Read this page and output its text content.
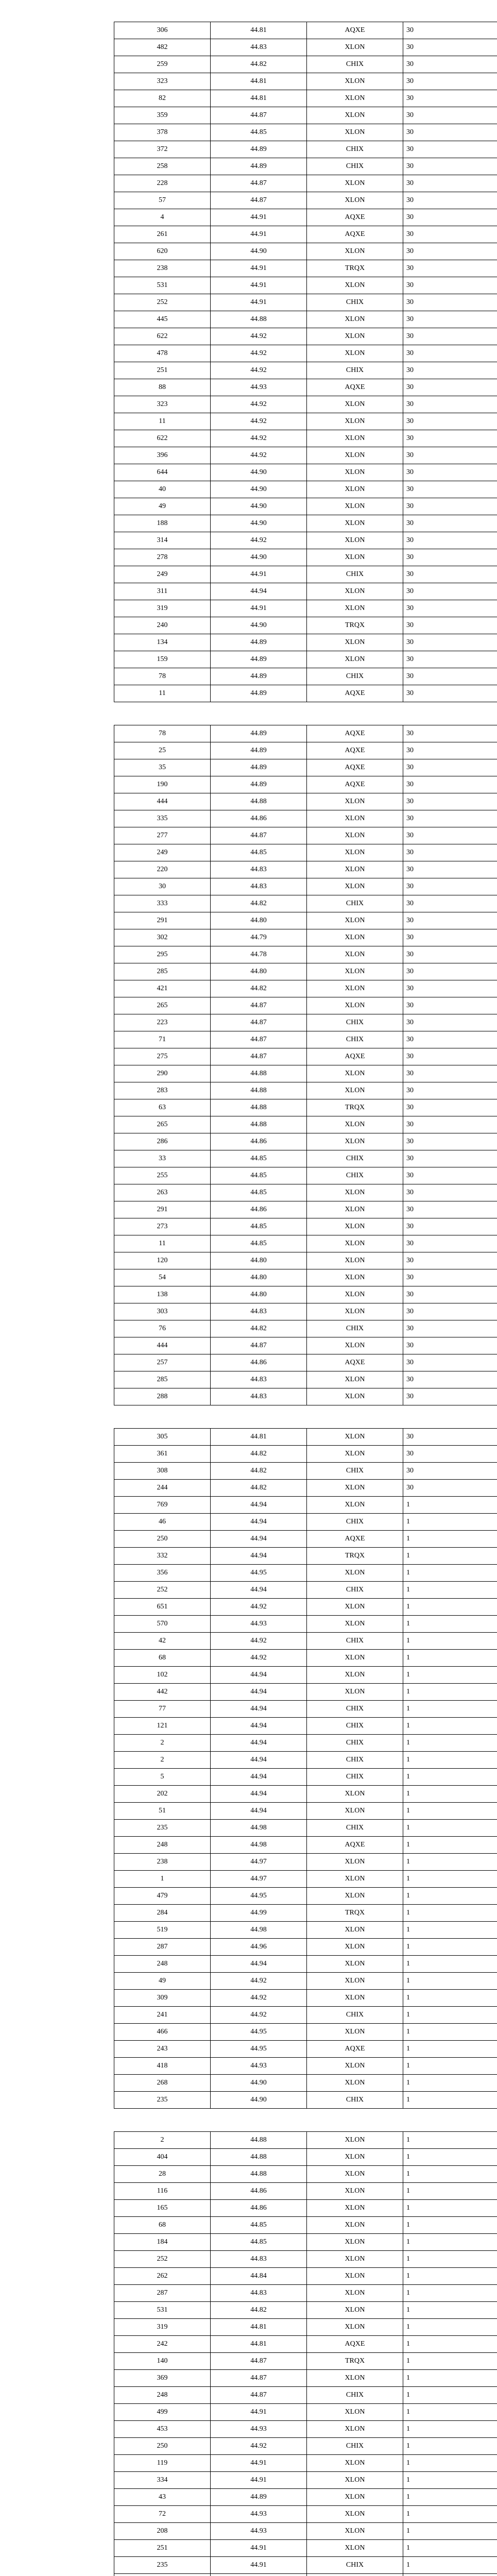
306	44.81	AQXE	30
482	44.83	XLON	30
259	44.82	CHIX	30
323	44.81	XLON	30
82	44.81	XLON	30
359	44.87	XLON	30
378	44.85	XLON	30
372	44.89	CHIX	30
258	44.89	CHIX	30
228	44.87	XLON	30
57	44.87	XLON	30
4	44.91	AQXE	30
261	44.91	AQXE	30
620	44.90	XLON	30
238	44.91	TRQX	30
531	44.91	XLON	30
252	44.91	CHIX	30
445	44.88	XLON	30
622	44.92	XLON	30
478	44.92	XLON	30
251	44.92	CHIX	30
88	44.93	AQXE	30
323	44.92	XLON	30
11	44.92	XLON	30
622	44.92	XLON	30
396	44.92	XLON	30
644	44.90	XLON	30
40	44.90	XLON	30
49	44.90	XLON	30
188	44.90	XLON	30
314	44.92	XLON	30
278	44.90	XLON	30
249	44.91	CHIX	30
311	44.94	XLON	30
319	44.91	XLON	30
240	44.90	TRQX	30
134	44.89	XLON	30
159	44.89	XLON	30
78	44.89	CHIX	30
11	44.89	AQXE	30
78	44.89	AQXE	30
25	44.89	AQXE	30
35	44.89	AQXE	30
190	44.89	AQXE	30
444	44.88	XLON	30
335	44.86	XLON	30
277	44.87	XLON	30
249	44.85	XLON	30
220	44.83	XLON	30
30	44.83	XLON	30
333	44.82	CHIX	30
291	44.80	XLON	30
302	44.79	XLON	30
295	44.78	XLON	30
285	44.80	XLON	30
421	44.82	XLON	30
265	44.87	XLON	30
223	44.87	CHIX	30
71	44.87	CHIX	30
275	44.87	AQXE	30
290	44.88	XLON	30
283	44.88	XLON	30
63	44.88	TRQX	30
265	44.88	XLON	30
286	44.86	XLON	30
33	44.85	CHIX	30
255	44.85	CHIX	30
263	44.85	XLON	30
291	44.86	XLON	30
273	44.85	XLON	30
11	44.85	XLON	30
120	44.80	XLON	30
54	44.80	XLON	30
138	44.80	XLON	30
303	44.83	XLON	30
76	44.82	CHIX	30
444	44.87	XLON	30
257	44.86	AQXE	30
285	44.83	XLON	30
288	44.83	XLON	30
305	44.81	XLON	30
361	44.82	XLON	30
308	44.82	CHIX	30
244	44.82	XLON	30
769	44.94	XLON	1
46	44.94	CHIX	1
250	44.94	AQXE	1
332	44.94	TRQX	1
356	44.95	XLON	1
252	44.94	CHIX	1
651	44.92	XLON	1
570	44.93	XLON	1
42	44.92	CHIX	1
68	44.92	XLON	1
102	44.94	XLON	1
442	44.94	XLON	1
77	44.94	CHIX	1
121	44.94	CHIX	1
2	44.94	CHIX	1
2	44.94	CHIX	1
5	44.94	CHIX	1
202	44.94	XLON	1
51	44.94	XLON	1
235	44.98	CHIX	1
248	44.98	AQXE	1
238	44.97	XLON	1
1	44.97	XLON	1
479	44.95	XLON	1
284	44.99	TRQX	1
519	44.98	XLON	1
287	44.96	XLON	1
248	44.94	XLON	1
49	44.92	XLON	1
309	44.92	XLON	1
241	44.92	CHIX	1
466	44.95	XLON	1
243	44.95	AQXE	1
418	44.93	XLON	1
268	44.90	XLON	1
235	44.90	CHIX	1
2	44.88	XLON	1
404	44.88	XLON	1
28	44.88	XLON	1
116	44.86	XLON	1
165	44.86	XLON	1
68	44.85	XLON	1
184	44.85	XLON	1
252	44.83	XLON	1
262	44.84	XLON	1
287	44.83	XLON	1
531	44.82	XLON	1
319	44.81	XLON	1
242	44.81	AQXE	1
140	44.87	TRQX	1
369	44.87	XLON	1
248	44.87	CHIX	1
499	44.91	XLON	1
453	44.93	XLON	1
250	44.92	CHIX	1
119	44.91	XLON	1
334	44.91	XLON	1
43	44.89	XLON	1
72	44.93	XLON	1
208	44.93	XLON	1
251	44.91	XLON	1
235	44.91	CHIX	1
